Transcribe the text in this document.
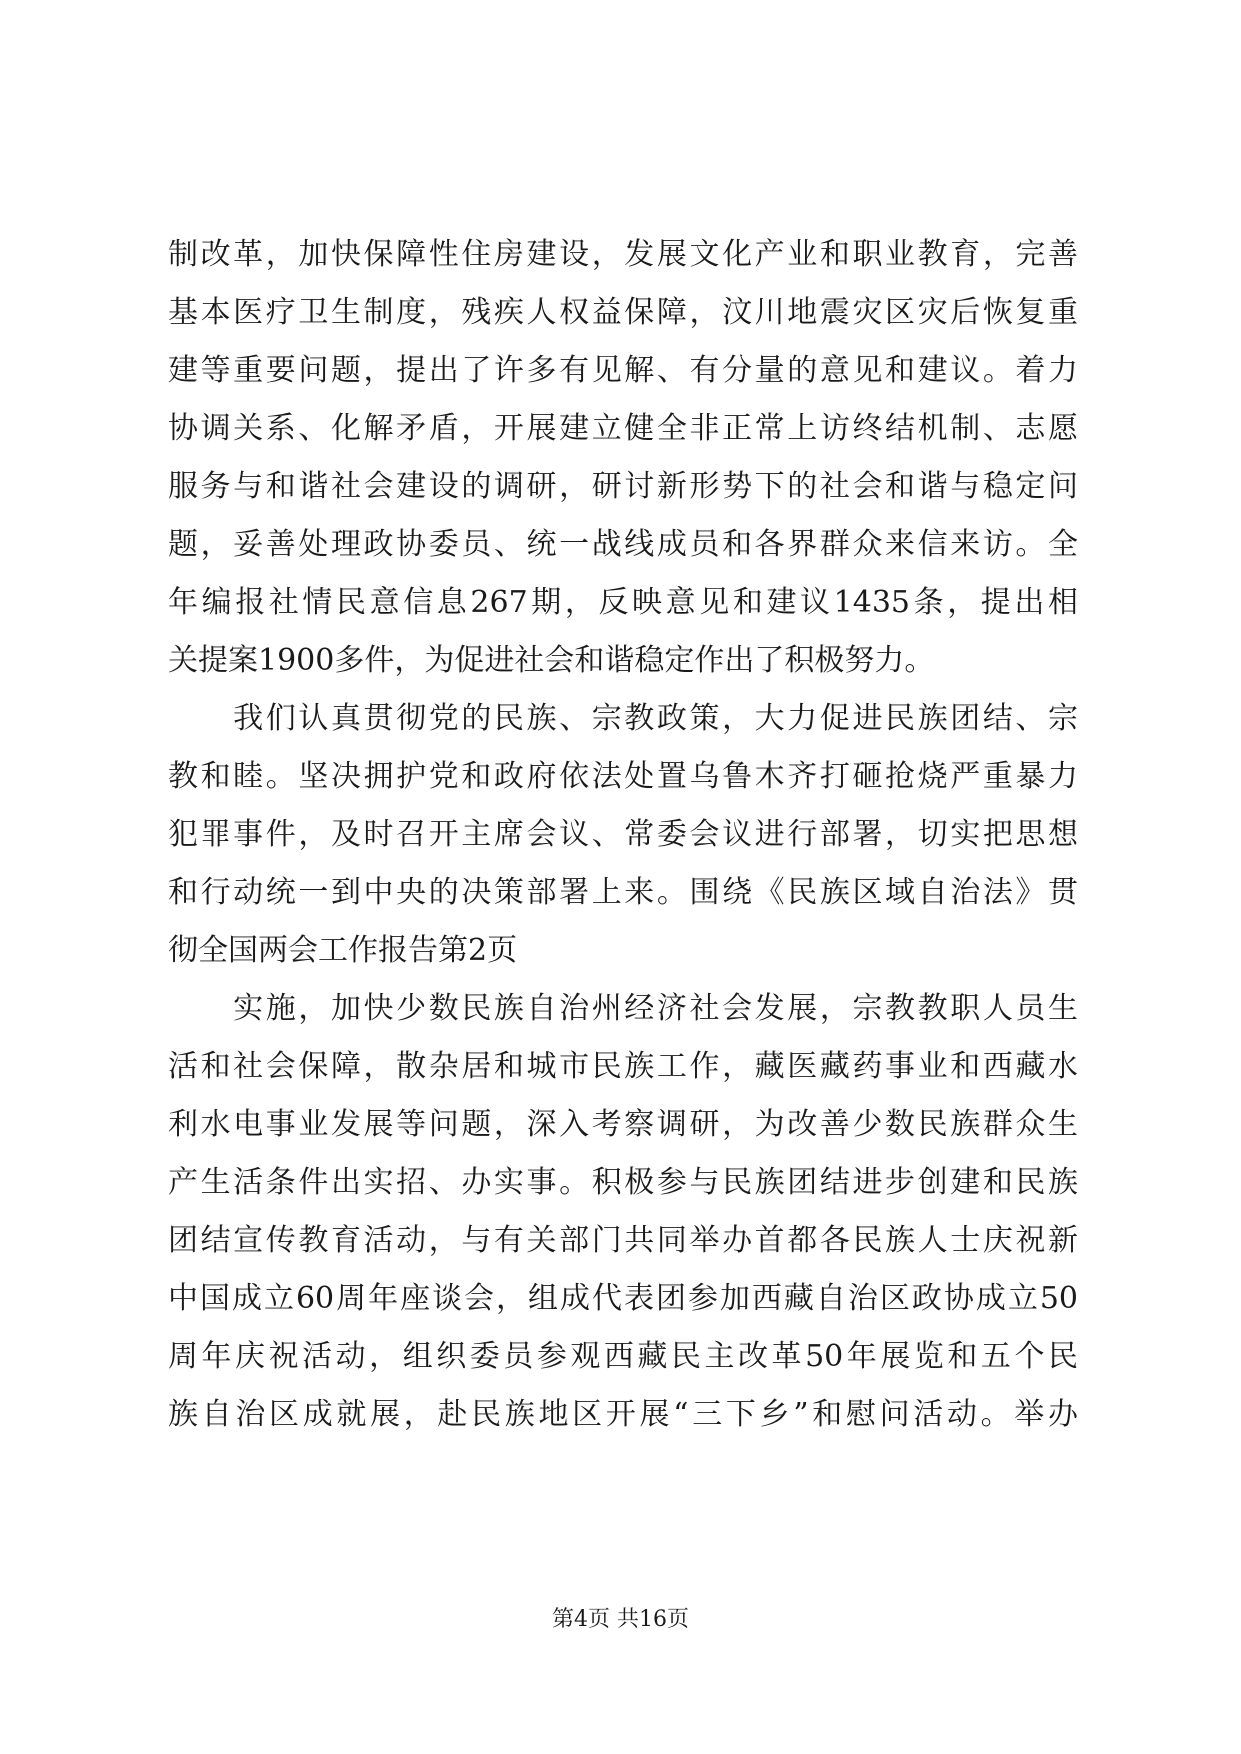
制改革，加快保障性住房建设，发展文化产业和职业教育，完善
基本医疗卫生制度，残疾人权益保障，汶川地震灾区灾后恢复重
建等重要问题，提出了许多有见解、有分量的意见和建议。着力
协调关系、化解矛盾，开展建立健全非正常上访终结机制、志愿
服务与和谐社会建设的调研，研讨新形势下的社会和谐与稳定问
题，妥善处理政协委员、统一战线成员和各界群众来信来访。全
年编报社情民意信息267期，反映意见和建议1435条，提出相
关提案1900多件，为促进社会和谐稳定作出了积极努力。
　　我们认真贯彻党的民族、宗教政策，大力促进民族团结、宗
教和睦。坚决拥护党和政府依法处置乌鲁木齐打砸抢烧严重暴力
犯罪事件，及时召开主席会议、常委会议进行部署，切实把思想
和行动统一到中央的决策部署上来。围绕《民族区域自治法》贯
彻全国两会工作报告第2页
　　实施，加快少数民族自治州经济社会发展，宗教教职人员生
活和社会保障，散杂居和城市民族工作，藏医藏药事业和西藏水
利水电事业发展等问题，深入考察调研，为改善少数民族群众生
产生活条件出实招、办实事。积极参与民族团结进步创建和民族
团结宣传教育活动，与有关部门共同举办首都各民族人士庆祝新
中国成立60周年座谈会，组成代表团参加西藏自治区政协成立50
周年庆祝活动，组织委员参观西藏民主改革50年展览和五个民
族自治区成就展，赴民族地区开展“三下乡”和慰问活动。举办
第4页 共16页
